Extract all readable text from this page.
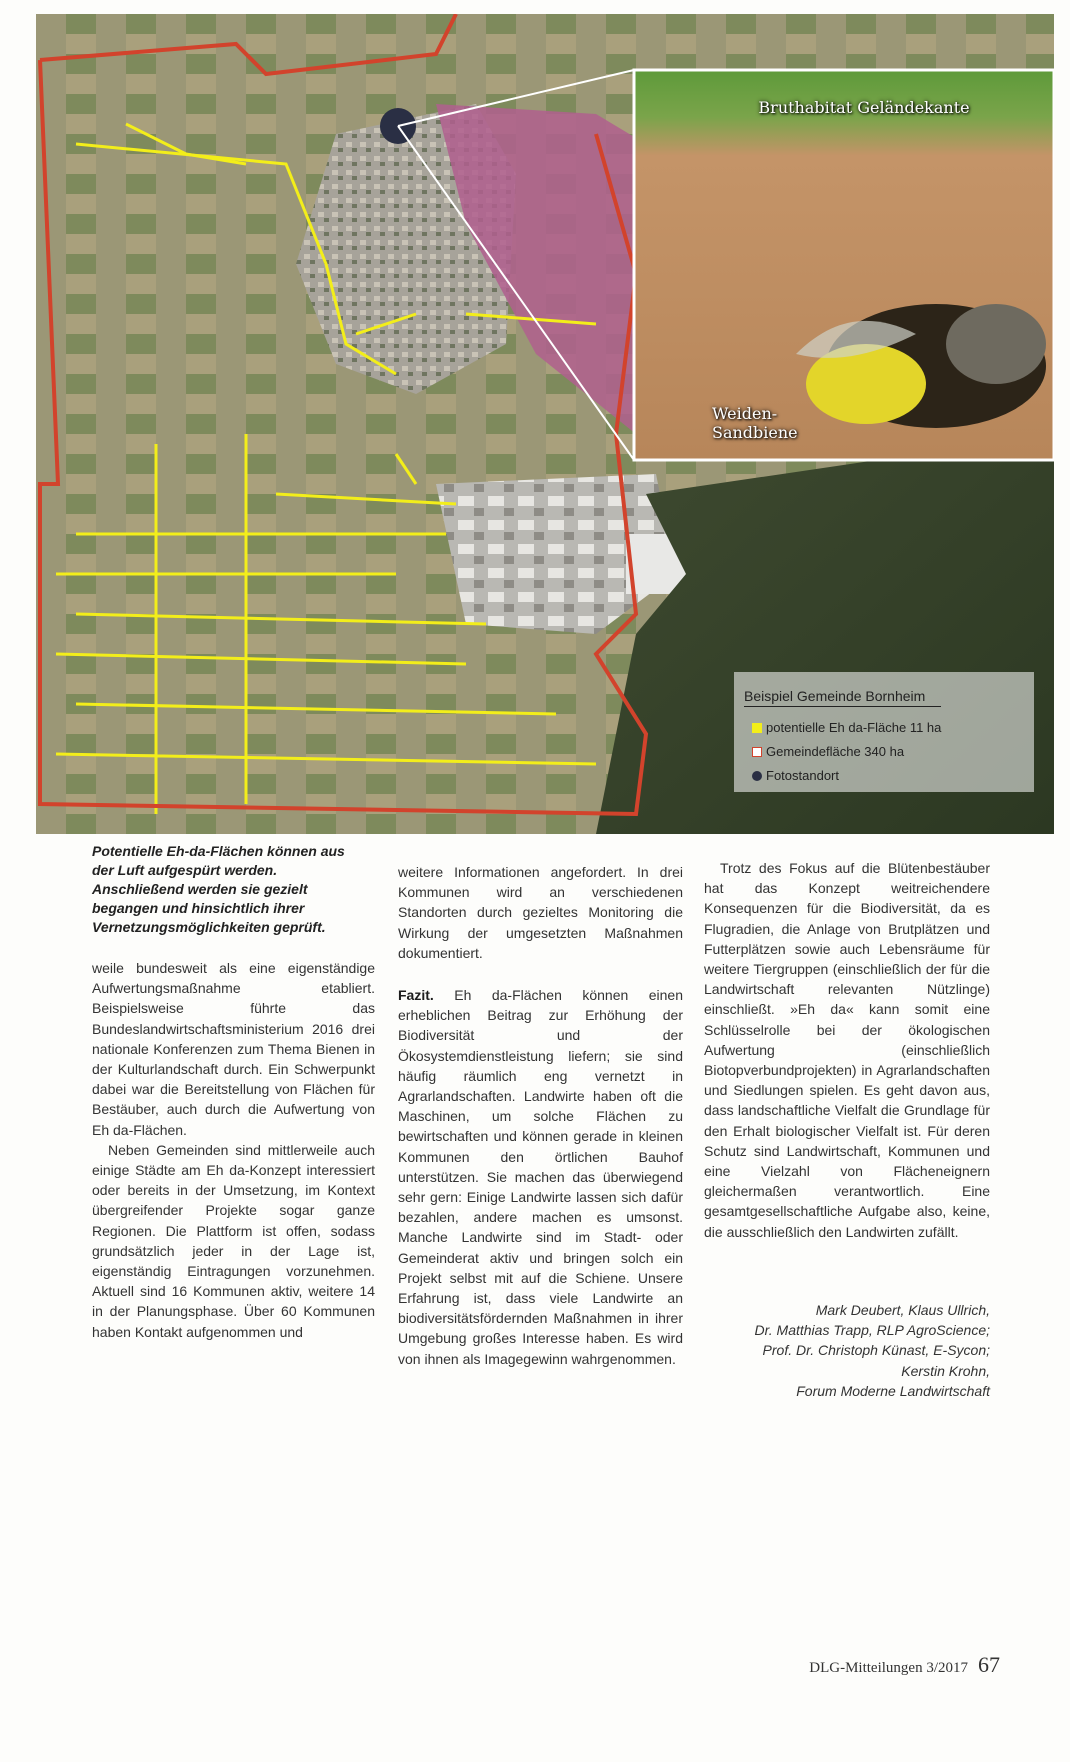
Bruthabitat Geländekante
Weiden-Sandbiene
Beispiel Gemeinde Bornheim
potentielle Eh da-Fläche 11 ha
Gemeindefläche 340 ha
Fotostandort
Potentielle Eh-da-Flächen können aus der Luft aufgespürt werden. Anschließend werden sie gezielt begangen und hinsichtlich ihrer Vernetzungsmöglichkeiten geprüft.

weile bundesweit als eine eigenständige Aufwertungsmaßnahme etabliert. Beispielsweise führte das Bundeslandwirtschaftsministerium 2016 drei nationale Konferenzen zum Thema Bienen in der Kulturlandschaft durch. Ein Schwerpunkt dabei war die Bereitstellung von Flächen für Bestäuber, auch durch die Aufwertung von Eh da-Flächen.

Neben Gemeinden sind mittlerweile auch einige Städte am Eh da-Konzept interessiert oder bereits in der Umsetzung, im Kontext übergreifender Projekte sogar ganze Regionen. Die Plattform ist offen, sodass grundsätzlich jeder in der Lage ist, eigenständig Eintragungen vorzunehmen. Aktuell sind 16 Kommunen aktiv, weitere 14 in der Planungsphase. Über 60 Kommunen haben Kontakt aufgenommen und

weitere Informationen angefordert. In drei Kommunen wird an verschiedenen Standorten durch gezieltes Monitoring die Wirkung der umgesetzten Maßnahmen dokumentiert.

Fazit. Eh da-Flächen können einen erheblichen Beitrag zur Erhöhung der Biodiversität und der Ökosystemdienstleistung liefern; sie sind häufig räumlich eng vernetzt in Agrarlandschaften. Landwirte haben oft die Maschinen, um solche Flächen zu bewirtschaften und können gerade in kleinen Kommunen den örtlichen Bauhof unterstützen. Sie machen das überwiegend sehr gern: Einige Landwirte lassen sich dafür bezahlen, andere machen es umsonst. Manche Landwirte sind im Stadt- oder Gemeinderat aktiv und bringen solch ein Projekt selbst mit auf die Schiene. Unsere Erfahrung ist, dass viele Landwirte an biodiversitätsfördernden Maßnahmen in ihrer Umgebung großes Interesse haben. Es wird von ihnen als Imagegewinn wahrgenommen.

Trotz des Fokus auf die Blütenbestäuber hat das Konzept weitreichendere Konsequenzen für die Biodiversität, da es Flugradien, die Anlage von Brutplätzen und Futterplätzen sowie auch Lebensräume für weitere Tiergruppen (einschließlich der für die Landwirtschaft relevanten Nützlinge) einschließt. »Eh da« kann somit eine Schlüsselrolle bei der ökologischen Aufwertung (einschließlich Biotopverbundprojekten) in Agrarlandschaften und Siedlungen spielen. Es geht davon aus, dass landschaftliche Vielfalt die Grundlage für den Erhalt biologischer Vielfalt ist. Für deren Schutz sind Landwirtschaft, Kommunen und eine Vielzahl von Flächeneignern gleichermaßen verantwortlich. Eine gesamtgesellschaftliche Aufgabe also, keine, die ausschließlich den Landwirten zufällt.

Mark Deubert, Klaus Ullrich,
Dr. Matthias Trapp, RLP AgroScience;
Prof. Dr. Christoph Künast, E-Sycon;
Kerstin Krohn,
Forum Moderne Landwirtschaft
DLG-Mitteilungen 3/2017 67
